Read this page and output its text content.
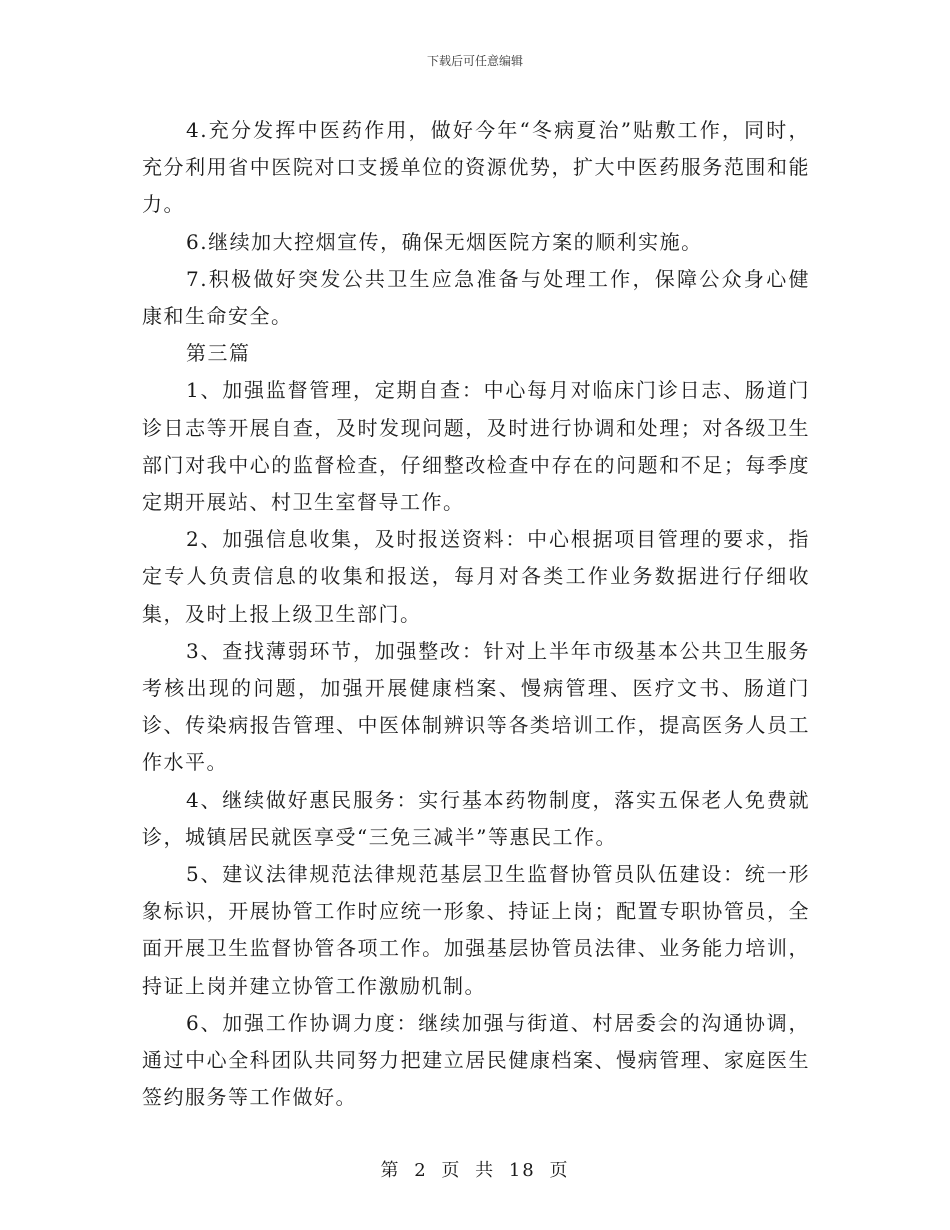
下载后可任意编辑

4.充分发挥中医药作用，做好今年“冬病夏治”贴敷工作，同时，充分利用省中医院对口支援单位的资源优势，扩大中医药服务范围和能力。

6.继续加大控烟宣传，确保无烟医院方案的顺利实施。

7.积极做好突发公共卫生应急准备与处理工作，保障公众身心健康和生命安全。

第三篇

1、加强监督管理，定期自查：中心每月对临床门诊日志、肠道门诊日志等开展自查，及时发现问题，及时进行协调和处理；对各级卫生部门对我中心的监督检查，仔细整改检查中存在的问题和不足；每季度定期开展站、村卫生室督导工作。

2、加强信息收集，及时报送资料：中心根据项目管理的要求，指定专人负责信息的收集和报送，每月对各类工作业务数据进行仔细收集，及时上报上级卫生部门。

3、查找薄弱环节，加强整改：针对上半年市级基本公共卫生服务考核出现的问题，加强开展健康档案、慢病管理、医疗文书、肠道门诊、传染病报告管理、中医体制辨识等各类培训工作，提高医务人员工作水平。

4、继续做好惠民服务：实行基本药物制度，落实五保老人免费就诊，城镇居民就医享受“三免三减半”等惠民工作。

5、建议法律规范法律规范基层卫生监督协管员队伍建设：统一形象标识，开展协管工作时应统一形象、持证上岗；配置专职协管员，全面开展卫生监督协管各项工作。加强基层协管员法律、业务能力培训，持证上岗并建立协管工作激励机制。

6、加强工作协调力度：继续加强与街道、村居委会的沟通协调，通过中心全科团队共同努力把建立居民健康档案、慢病管理、家庭医生签约服务等工作做好。

第 2 页 共 18 页
